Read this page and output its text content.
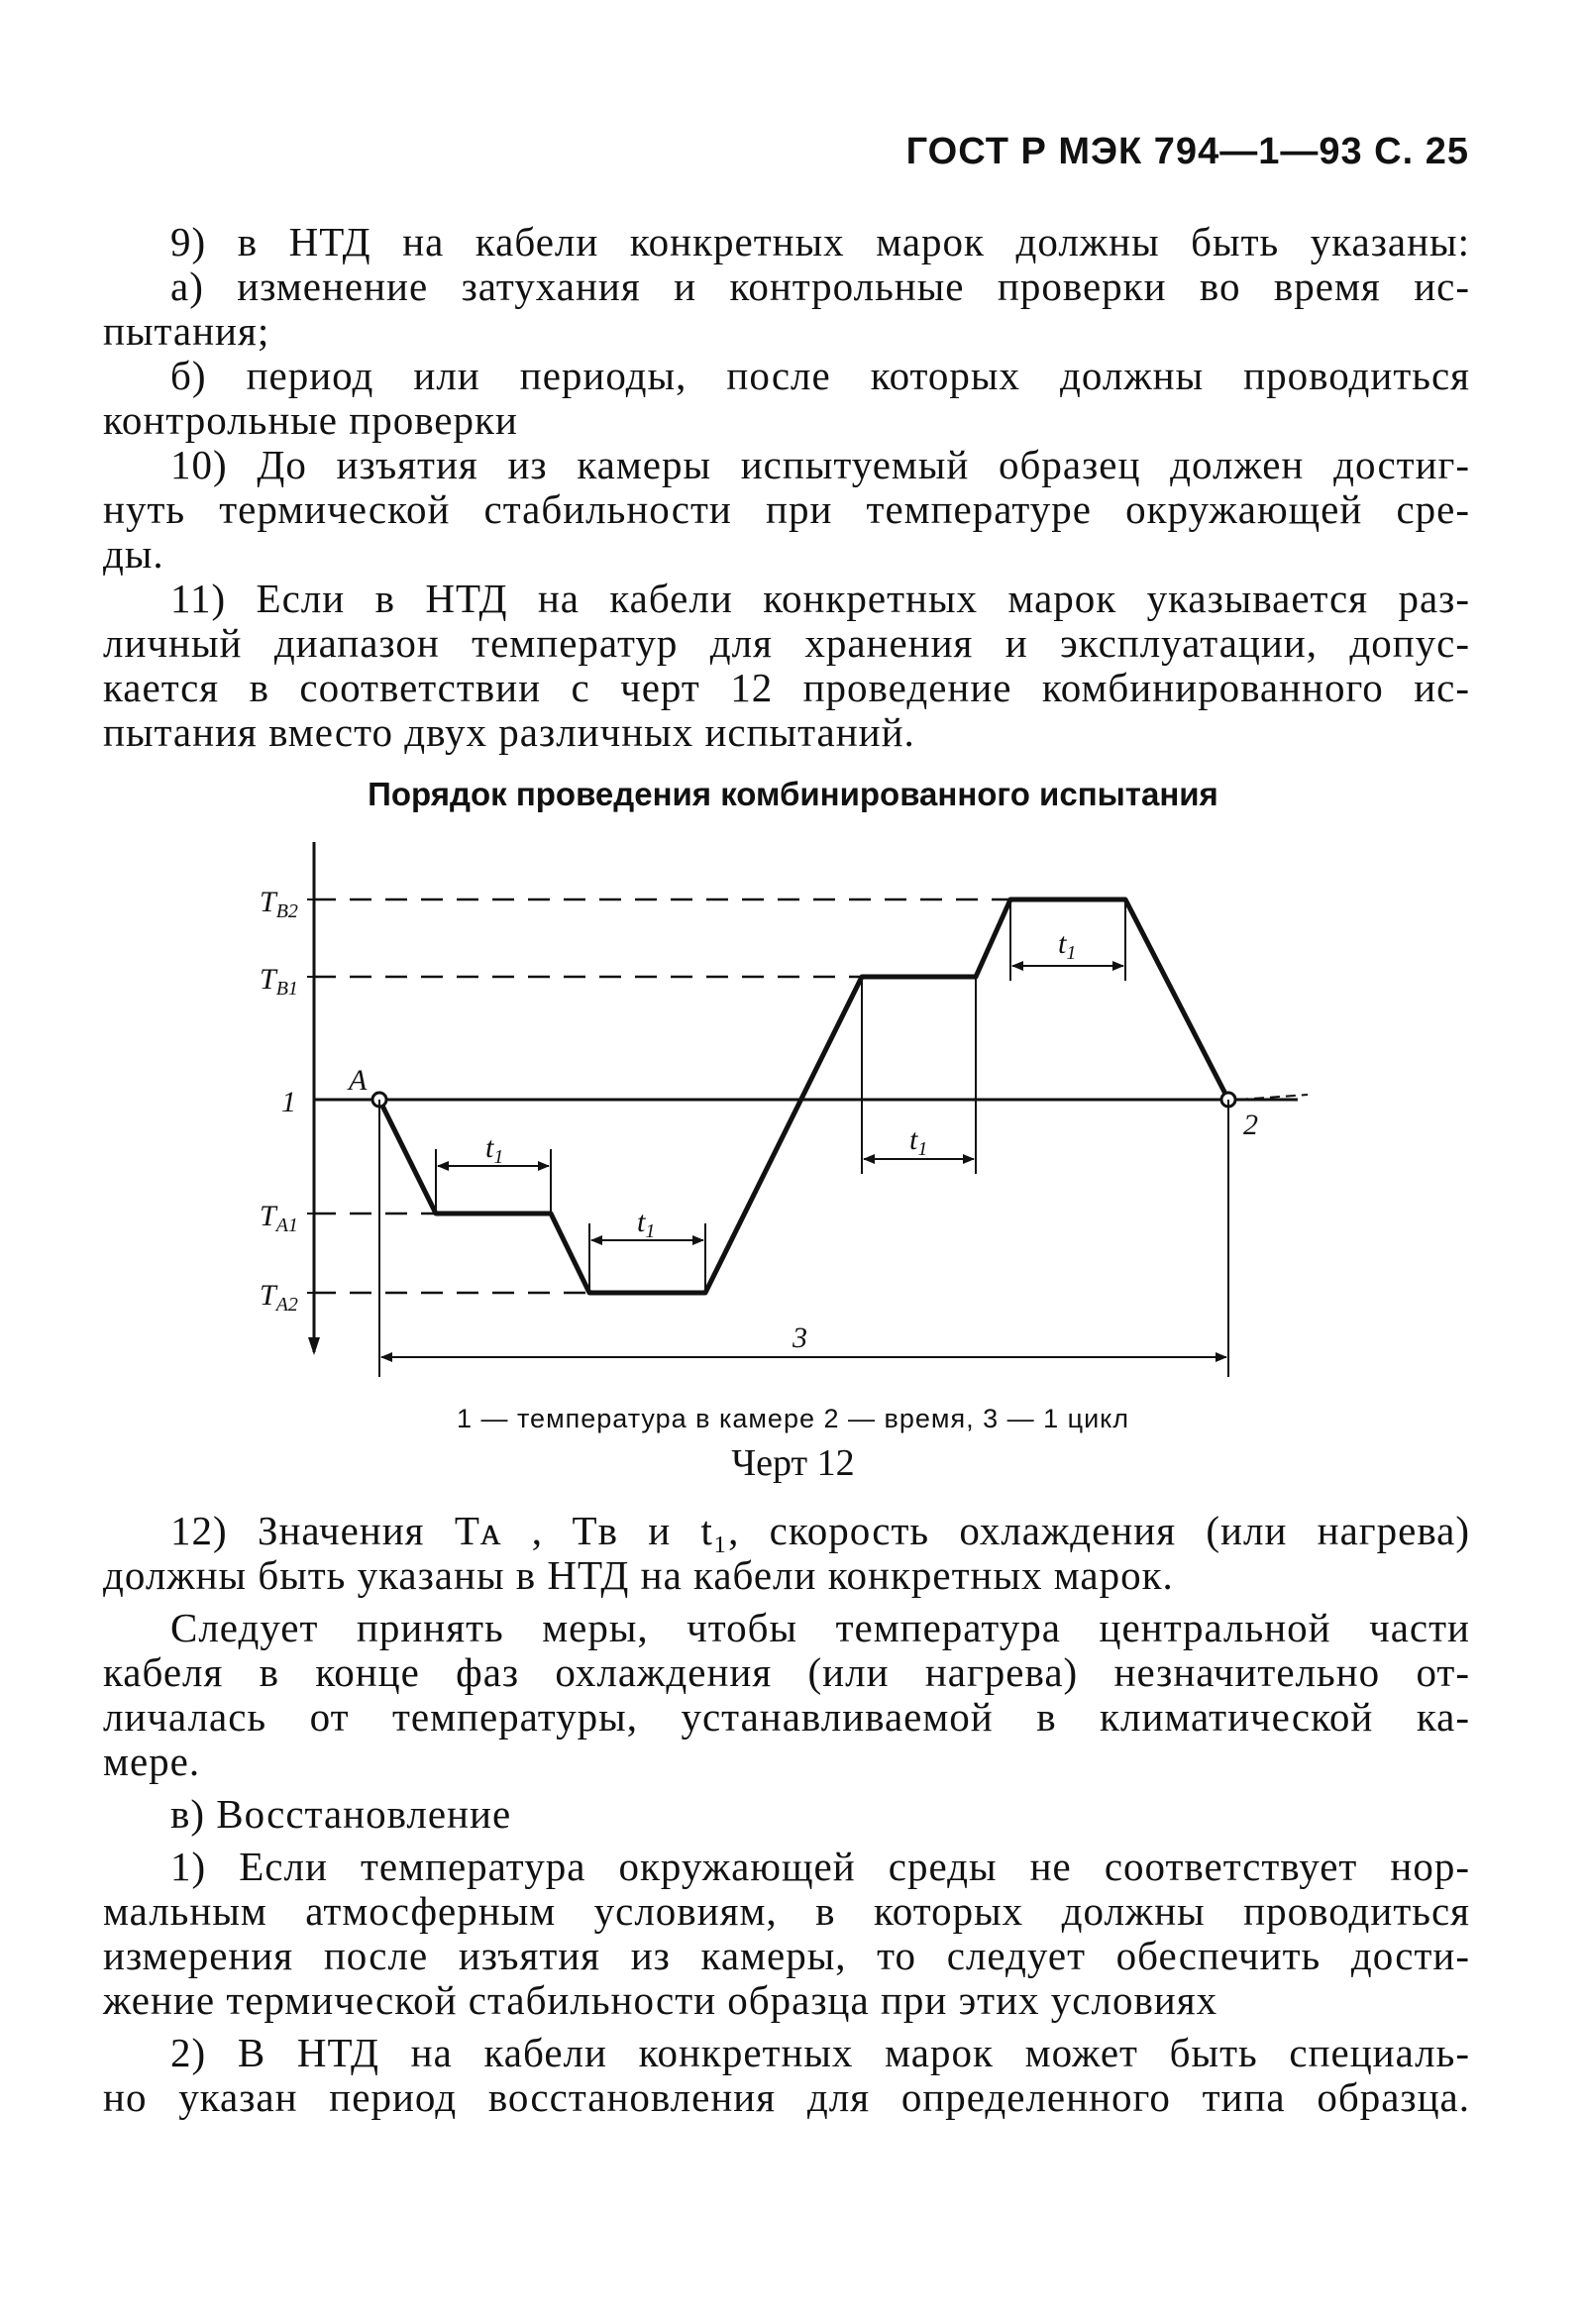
ГОСТ Р МЭК 794—1—93 С. 25

9) в НТД на кабели конкретных марок должны быть указаны:

а) изменение затухания и контрольные проверки во время ис-

пытания;

б) период или периоды, после которых должны проводиться

контрольные проверки

10) До изъятия из камеры испытуемый образец должен достиг-

нуть термической стабильности при температуре окружающей сре-

ды.

11) Если в НТД на кабели конкретных марок указывается раз-

личный диапазон температур для хранения и эксплуатации, допус-

кается в соответствии с черт 12 проведение комбинированного ис-

пытания вместо двух различных испытаний.

Порядок проведения комбинированного испытания
$T_{B2}$
$T_{B1}$
1
$T_{A1}$
$T_{A2}$
A
2
3
$t_1$
$t_1$
$t_1$
$t_1$
1 — температура в камере 2 — время, 3 — 1 цикл
Черт 12

12) Значения Tᴀ , Tв и t₁, скорость охлаждения (или нагрева)

должны быть указаны в НТД на кабели конкретных марок.

Следует принять меры, чтобы температура центральной части

кабеля в конце фаз охлаждения (или нагрева) незначительно от-

личалась от температуры, устанавливаемой в климатической ка-

мере.

в) Восстановление

1) Если температура окружающей среды не соответствует нор-

мальным атмосферным условиям, в которых должны проводиться

измерения после изъятия из камеры, то следует обеспечить дости-

жение термической стабильности образца при этих условиях

2) В НТД на кабели конкретных марок может быть специаль-

но указан период восстановления для определенного типа образца.
